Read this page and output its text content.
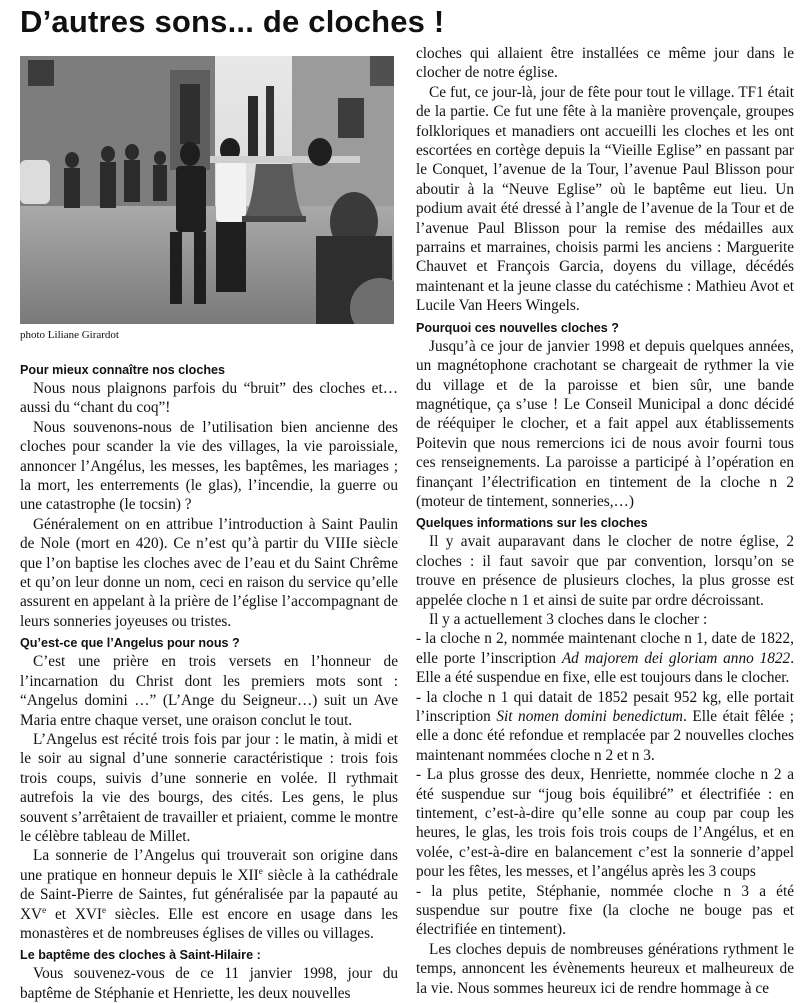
D’autres sons... de cloches !
photo Liliane Girardot
Pour mieux connaître nos cloches

Nous nous plaignons parfois du “bruit” des cloches et… aussi du “chant du coq”!

Nous souvenons-nous de l’utilisation bien ancienne des cloches pour scander la vie des villages, la vie paroissiale, annoncer l’Angélus, les messes, les baptêmes, les mariages ; la mort, les enterrements (le glas), l’incendie, la guerre ou une catastrophe (le tocsin) ?

Généralement on en attribue l’introduction à Saint Paulin de Nole (mort en 420). Ce n’est qu’à partir du VIIIe siècle que l’on baptise les cloches avec de l’eau et du Saint Chrême et qu’on leur donne un nom, ceci en raison du service qu’elle assurent en appelant à la prière de l’église l’accompagnant de leurs sonneries joyeuses ou tristes.

Qu’est-ce que l’Angelus pour nous ?

C’est une prière en trois versets en l’honneur de l’incarnation du Christ dont les premiers mots sont : “Angelus domini …” (L’Ange du Seigneur…) suit un Ave Maria entre chaque verset, une oraison conclut le tout.

L’Angelus est récité trois fois par jour : le matin, à midi et le soir au signal d’une sonnerie caractéristique : trois fois trois coups, suivis d’une sonnerie en volée. Il rythmait autrefois la vie des bourgs, des cités. Les gens, le plus souvent s’arrêtaient de travailler et priaient, comme le montre le célèbre tableau de Millet.

La sonnerie de l’Angelus qui trouverait son origine dans une pratique en honneur depuis le XIIe siècle à la cathédrale de Saint-Pierre de Saintes, fut généralisée par la papauté au XVe et XVIe siècles. Elle est encore en usage dans les monastères et de nombreuses églises de villes ou villages.

Le baptême des cloches à Saint-Hilaire :

Vous souvenez-vous de ce 11 janvier 1998, jour du baptême de Stéphanie et Henriette, les deux nouvelles

cloches qui allaient être installées ce même jour dans le clocher de notre église.

Ce fut, ce jour-là, jour de fête pour tout le village. TF1 était de la partie. Ce fut une fête à la manière provençale, groupes folkloriques et manadiers ont accueilli les cloches et les ont escortées en cortège depuis la “Vieille Eglise” en passant par le Conquet, l’avenue de la Tour, l’avenue Paul Blisson pour aboutir à la “Neuve Eglise” où le baptême eut lieu. Un podium avait été dressé à l’angle de l’avenue de la Tour et de l’avenue Paul Blisson pour la remise des médailles aux parrains et marraines, choisis parmi les anciens : Marguerite Chauvet et François Garcia, doyens du village, décédés maintenant et la jeune classe du catéchisme : Mathieu Avot et Lucile Van Heers Wingels.

Pourquoi ces nouvelles cloches ?

Jusqu’à ce jour de janvier 1998 et depuis quelques années, un magnétophone crachotant se chargeait de rythmer la vie du village et de la paroisse et bien sûr, une bande magnétique, ça s’use ! Le Conseil Municipal a donc décidé de rééquiper le clocher, et a fait appel aux établissements Poitevin que nous remercions ici de nous avoir fourni tous ces renseignements. La paroisse a participé à l’opération en finançant l’électrification en tintement de la cloche n 2 (moteur de tintement, sonneries,…)

Quelques informations sur les cloches

Il y avait auparavant dans le clocher de notre église, 2 cloches : il faut savoir que par convention, lorsqu’on se trouve en présence de plusieurs cloches, la plus grosse est appelée cloche n 1 et ainsi de suite par ordre décroissant.

Il y a actuellement 3 cloches dans le clocher :

- la cloche n 2, nommée maintenant cloche n 1, date de 1822, elle porte l’inscription Ad majorem dei gloriam anno 1822. Elle a été suspendue en fixe, elle est toujours dans le clocher.

- la cloche n 1 qui datait de 1852 pesait 952 kg, elle portait l’inscription Sit nomen domini benedictum. Elle était fêlée ; elle a donc été refondue et remplacée par 2 nouvelles cloches maintenant nommées cloche n 2 et n 3.

- La plus grosse des deux, Henriette, nommée cloche n 2 a été suspendue sur “joug bois équilibré” et électrifiée : en tintement, c’est-à-dire qu’elle sonne au coup par coup les heures, le glas, les trois fois trois coups de l’Angélus, et en volée, c’est-à-dire en balancement c’est la sonnerie d’appel pour les fêtes, les messes, et l’angélus après les 3 coups

- la plus petite, Stéphanie, nommée cloche n 3 a été suspendue sur poutre fixe (la cloche ne bouge pas et électrifiée en tintement).

Les cloches depuis de nombreuses générations rythment le temps, annoncent les évènements heureux et malheureux de la vie. Nous sommes heureux ici de rendre hommage à ce
